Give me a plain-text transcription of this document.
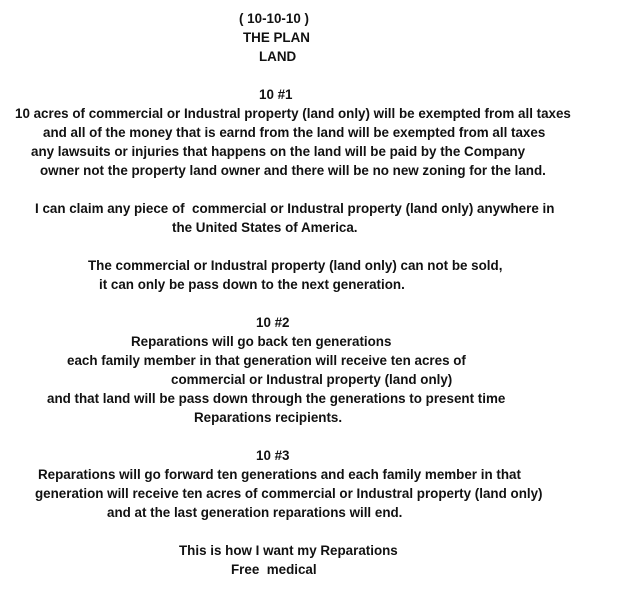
( 10-10-10 )
THE PLAN
LAND
10 #1
10 acres of commercial or Industral property (land only) will be exempted from all taxes
and all of the money that is earnd from the land will be exempted from all taxes
any lawsuits or injuries that happens on the land will be paid by the Company
owner not the property land owner and there will be no new zoning for the land.
I can claim any piece of  commercial or Industral property (land only) anywhere in
the United States of America.
The commercial or Industral property (land only) can not be sold,
it can only be pass down to the next generation.
10 #2
Reparations will go back ten generations
each family member in that generation will receive ten acres of
commercial or Industral property (land only)
and that land will be pass down through the generations to present time
Reparations recipients.
10 #3
Reparations will go forward ten generations and each family member in that
generation will receive ten acres of commercial or Industral property (land only)
and at the last generation reparations will end.
This is how I want my Reparations
Free  medical
